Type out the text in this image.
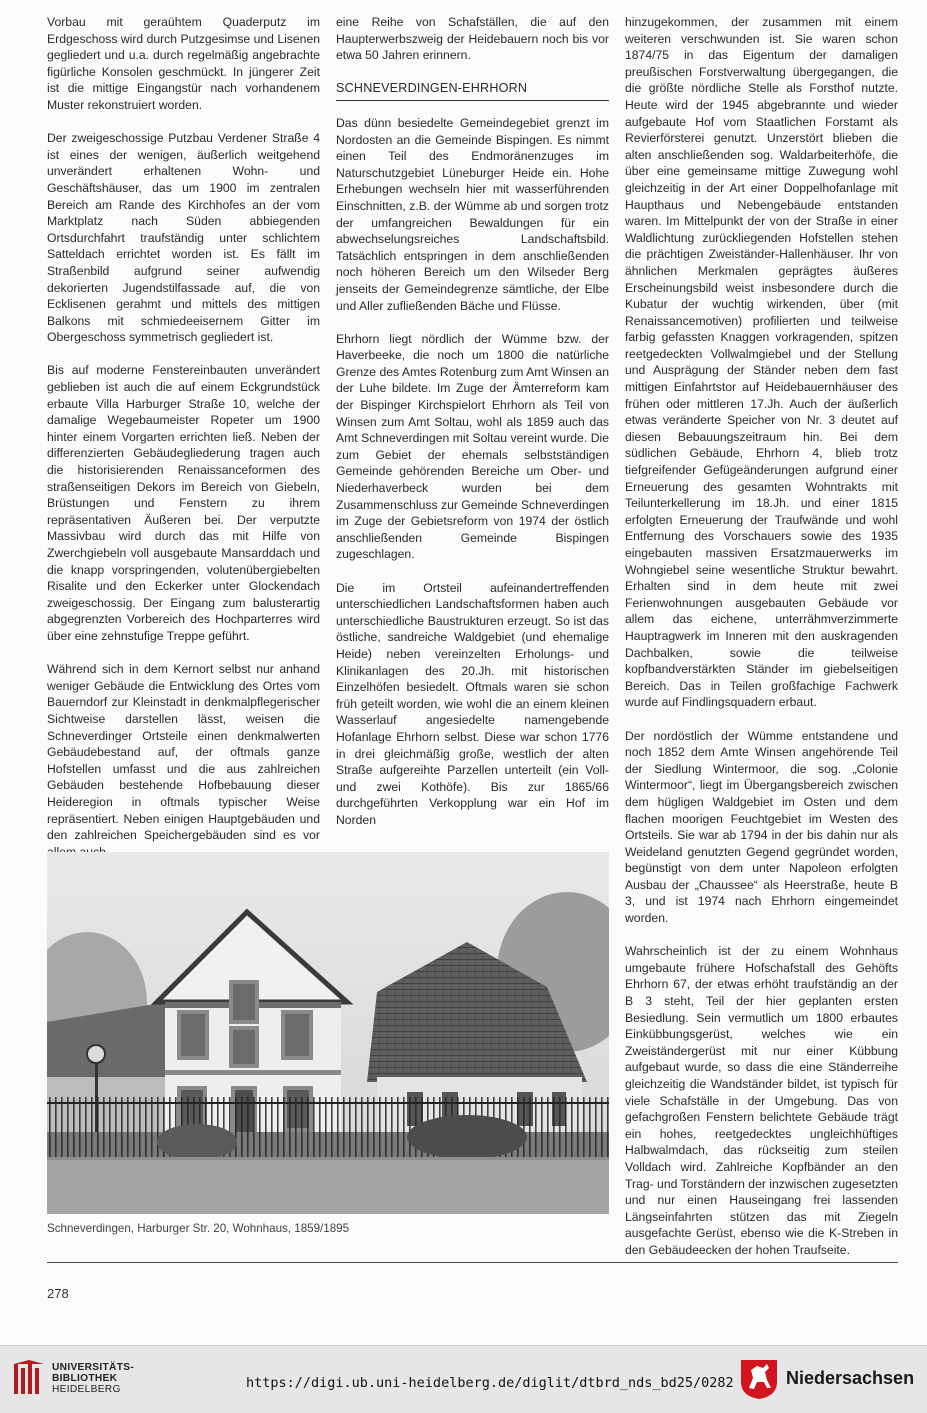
Vorbau mit geraühtem Quaderputz im Erdgeschoss wird durch Putzgesimse und Lisenen gegliedert und u.a. durch regelmäßig angebrachte figürliche Konsolen geschmückt. In jüngerer Zeit ist die mittige Eingangstür nach vorhandenem Muster rekonstruiert worden.

Der zweigeschossige Putzbau Verdener Straße 4 ist eines der wenigen, äußerlich weitgehend unverändert erhaltenen Wohn- und Geschäftshäuser, das um 1900 im zentralen Bereich am Rande des Kirchhofes an der vom Marktplatz nach Süden abbiegenden Ortsdurchfahrt traufständig unter schlichtem Satteldach errichtet worden ist. Es fällt im Straßenbild aufgrund seiner aufwendig dekorierten Jugendstilfassade auf, die von Ecklisenen gerahmt und mittels des mittigen Balkons mit schmiedeeisernem Gitter im Obergeschoss symmetrisch gegliedert ist.

Bis auf moderne Fenstereinbauten unverändert geblieben ist auch die auf einem Eckgrundstück erbaute Villa Harburger Straße 10, welche der damalige Wegebaumeister Ropeter um 1900 hinter einem Vorgarten errichten ließ. Neben der differenzierten Gebäudegliederung tragen auch die historisierenden Renaissanceformen des straßenseitigen Dekors im Bereich von Giebeln, Brüstungen und Fenstern zu ihrem repräsentativen Äußeren bei. Der verputzte Massivbau wird durch das mit Hilfe von Zwerchgiebeln voll ausgebaute Mansarddach und die knapp vorspringenden, volutenübergiebelten Risalite und den Eckerker unter Glockendach zweigeschossig. Der Eingang zum balusterartig abgegrenzten Vorbereich des Hochparterres wird über eine zehnstufige Treppe geführt.

Während sich in dem Kernort selbst nur anhand weniger Gebäude die Entwicklung des Ortes vom Bauerndorf zur Kleinstadt in denkmalpflegerischer Sichtweise darstellen lässt, weisen die Schneverdinger Ortsteile einen denkmalwerten Gebäudebestand auf, der oftmals ganze Hofstellen umfasst und die aus zahlreichen Gebäuden bestehende Hofbebauung dieser Heideregion in oftmals typischer Weise repräsentiert. Neben einigen Hauptgebäuden und den zahlreichen Speichergebäuden sind es vor

eine Reihe von Schafställen, die auf den Haupterwerbszweig der Heidebauern noch bis vor etwa 50 Jahren erinnern.

SCHNEVERDINGEN-EHRHORN

Das dünn besiedelte Gemeindegebiet grenzt im Nordosten an die Gemeinde Bispingen. Es nimmt einen Teil des Endmoränenzuges im Naturschutzgebiet Lüneburger Heide ein. Hohe Erhebungen wechseln hier mit wasserführenden Einschnitten, z.B. der Wümme ab und sorgen trotz der umfangreichen Bewaldungen für ein abwechselungsreiches Landschaftsbild. Tatsächlich entspringen in dem anschließenden noch höheren Bereich um den Wilseder Berg jenseits der Gemeindegrenze sämtliche, der Elbe und Aller zufließenden Bäche und Flüsse.

Ehrhorn liegt nördlich der Wümme bzw. der Haverbeeke, die noch um 1800 die natürliche Grenze des Amtes Rotenburg zum Amt Winsen an der Luhe bildete. Im Zuge der Ämterreform kam der Bispinger Kirchspielort Ehrhorn als Teil von Winsen zum Amt Soltau, wohl als 1859 auch das Amt Schneverdingen mit Soltau vereint wurde. Die zum Gebiet der ehemals selbstständigen Gemeinde gehörenden Bereiche um Ober- und Niederhaverbeck wurden bei dem Zusammenschluss zur Gemeinde Schneverdingen im Zuge der Gebietsreform von 1974 der östlich anschließenden Gemeinde Bispingen zugeschlagen.

Die im Ortsteil aufeinandertreffenden unterschiedlichen Landschaftsformen haben auch unterschiedliche Baustrukturen erzeugt. So ist das östliche, sandreiche Waldgebiet (und ehemalige Heide) neben vereinzelten Erholungs- und Klinikanlagen des 20.Jh. mit historischen Einzelhöfen besiedelt. Oftmals waren sie schon früh geteilt worden, wie wohl die an einem kleinen Wasserlauf angesiedelte namengebende Hofanlage Ehrhorn selbst. Diese war schon 1776 in drei gleichmäßig große, westlich der alten Straße aufgereihte Parzellen unterteilt (ein Voll- und zwei Kothöfe). Bis zur 1865/66 durchgeführten Verkopplung war ein Hof im Norden

hinzugekommen, der zusammen mit einem weiteren verschwunden ist. Sie waren schon 1874/75 in das Eigentum der damaligen preußischen Forstverwaltung übergegangen, die die größte nördliche Stelle als Forsthof nutzte. Heute wird der 1945 abgebrannte und wieder aufgebaute Hof vom Staatlichen Forstamt als Revierförsterei genutzt. Unzerstört blieben die alten anschließenden sog. Waldarbeiterhöfe, die über eine gemeinsame mittige Zuwegung wohl gleichzeitig in der Art einer Doppelhofanlage mit Haupthaus und Nebengebäude entstanden waren. Im Mittelpunkt der von der Straße in einer Waldlichtung zurückliegenden Hofstellen stehen die prächtigen Zweiständer-Hallenhäuser. Ihr von ähnlichen Merkmalen geprägtes äußeres Erscheinungsbild weist insbesondere durch die Kubatur der wuchtig wirkenden, über (mit Renaissancemotiven) profilierten und teilweise farbig gefassten Knaggen vorkragenden, spitzen reetgedeckten Vollwalmgiebel und der Stellung und Ausprägung der Ständer neben dem fast mittigen Einfahrtstor auf Heidebauernhäuser des frühen oder mittleren 17.Jh. Auch der äußerlich etwas veränderte Speicher von Nr. 3 deutet auf diesen Bebauungszeitraum hin. Bei dem südlichen Gebäude, Ehrhorn 4, blieb trotz tiefgreifender Gefügeänderungen aufgrund einer Erneuerung des gesamten Wohntrakts mit Teilunterkellerung im 18.Jh. und einer 1815 erfolgten Erneuerung der Traufwände und wohl Entfernung des Vorschauers sowie des 1935 eingebauten massiven Ersatzmauerwerks im Wohngiebel seine wesentliche Struktur bewahrt. Erhalten sind in dem heute mit zwei Ferienwohnungen ausgebauten Gebäude vor allem das eichene, unterrähmverzimmerte Hauptragwerk im Inneren mit den auskragenden Dachbalken, sowie die teilweise kopfbandverstärkten Ständer im giebelseitigen Bereich. Das in Teilen großfachige Fachwerk wurde auf Findlingsquadern erbaut.

Der nordöstlich der Wümme entstandene und noch 1852 dem Amte Winsen angehörende Teil der Siedlung Wintermoor, die sog. „Colonie Wintermoor“, liegt im Übergangsbereich zwischen dem hügligen Waldgebiet im Osten und dem flachen moorigen Feuchtgebiet im Westen des Ortsteils. Sie war ab 1794 in der bis dahin nur als Weideland genutzten Gegend gegründet worden, begünstigt von dem unter Napoleon erfolgten Ausbau der „Chaussee“ als Heerstraße, heute B 3, und ist 1974 nach Ehrhorn eingemeindet worden.

Wahrscheinlich ist der zu einem Wohnhaus umgebaute frühere Hofschafstall des Gehöfts Ehrhorn 67, der etwas erhöht traufständig an der B 3 steht, Teil der hier geplanten ersten Besiedlung. Sein vermutlich um 1800 erbautes Einkübbungsgerüst, welches wie ein Zweiständergerüst mit nur einer Kübbung aufgebaut wurde, so dass die eine Ständerreihe gleichzeitig die Wandständer bildet, ist typisch für viele Schafställe in der Umgebung. Das von gefachgroßen Fenstern belichtete Gebäude trägt ein hohes, reetgedecktes ungleichhüftiges Halbwalmdach, das rückseitig zum steilen Volldach wird. Zahlreiche Kopfbänder an den Trag- und Torständern der inzwischen zugesetzten und nur einen Hauseingang frei lassenden Längseinfahrten stützen das mit Ziegeln ausgefachte Gerüst, ebenso wie die K-Streben in den Gebäudeecken der hohen Traufseite.

Schneverdingen, Harburger Str. 20, Wohnhaus, 1859/1895
278
UNIVERSITÄTS-
BIBLIOTHEK
HEIDELBERG	https://digi.ub.uni-heidelberg.de/diglit/dtbrd_nds_bd25/0282	Niedersachsen
